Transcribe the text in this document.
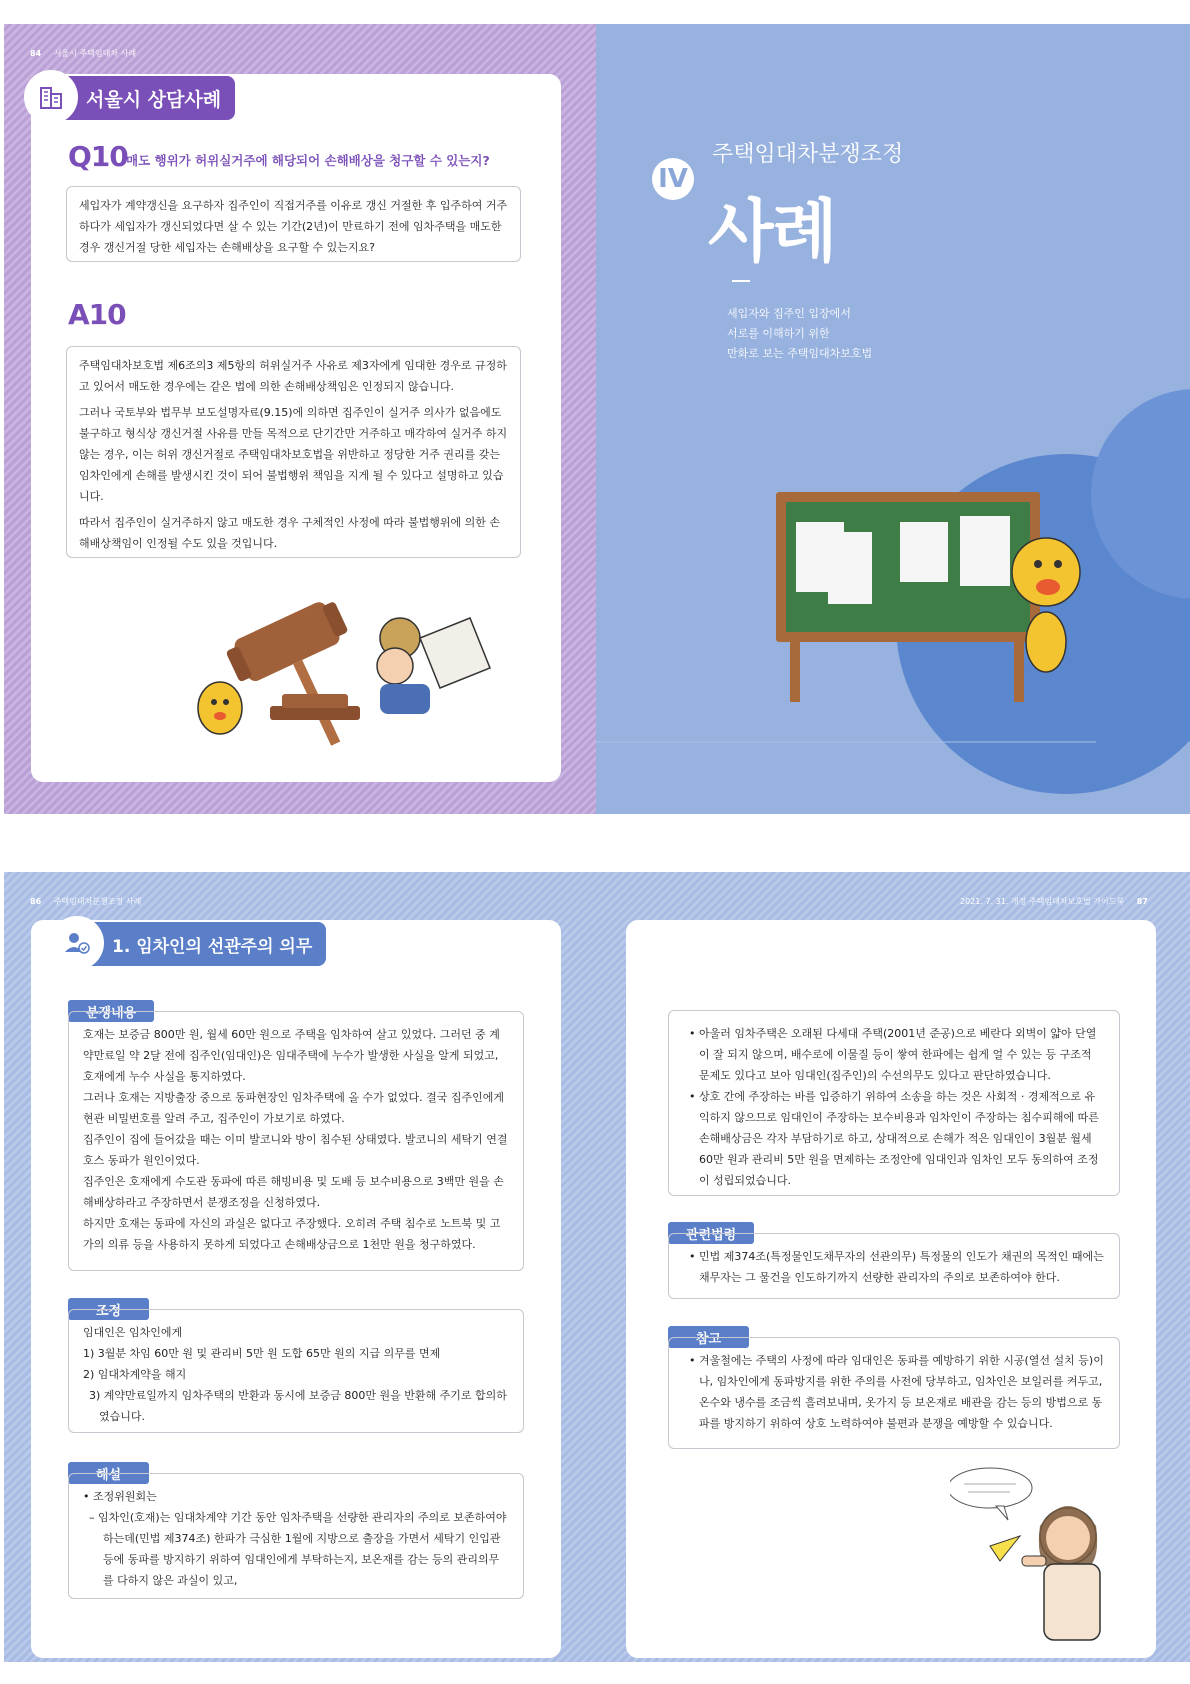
84 서울시 주택임대차 사례
서울시 상담사례
Q10
매도 행위가 허위실거주에 해당되어 손해배상을 청구할 수 있는지?

세입자가 계약갱신을 요구하자 집주인이 직접거주를 이유로 갱신 거절한 후 입주하여 거주하다가 세입자가 갱신되었다면 살 수 있는 기간(2년)이 만료하기 전에 임차주택을 매도한 경우 갱신거절 당한 세입자는 손해배상을 요구할 수 있는지요?

A10

주택임대차보호법 제6조의3 제5항의 허위실거주 사유로 제3자에게 임대한 경우로 규정하고 있어서 매도한 경우에는 같은 법에 의한 손해배상책임은 인정되지 않습니다.

그러나 국토부와 법무부 보도설명자료(9.15)에 의하면 집주인이 실거주 의사가 없음에도 불구하고 형식상 갱신거절 사유를 만들 목적으로 단기간만 거주하고 매각하여 실거주 하지 않는 경우, 이는 허위 갱신거절로 주택임대차보호법을 위반하고 정당한 거주 권리를 갖는 임차인에게 손해를 발생시킨 것이 되어 불법행위 책임을 지게 될 수 있다고 설명하고 있습니다.

따라서 집주인이 실거주하지 않고 매도한 경우 구체적인 사정에 따라 불법행위에 의한 손해배상책임이 인정될 수도 있을 것입니다.

IV
주택임대차분쟁조정
사례
세입자와 집주인 입장에서
서로를 이해하기 위한
만화로 보는 주택임대차보호법
86 주택임대차분쟁조정 사례	2021. 7. 31. 개정 주택임대차보호법 가이드북 87
1. 임차인의 선관주의 의무
분쟁내용

호재는 보증금 800만 원, 월세 60만 원으로 주택을 임차하여 살고 있었다. 그러던 중 계약만료일 약 2달 전에 집주인(임대인)은 임대주택에 누수가 발생한 사실을 알게 되었고, 호재에게 누수 사실을 통지하였다.

그러나 호재는 지방출장 중으로 동파현장인 임차주택에 올 수가 없었다. 결국 집주인에게 현관 비밀번호를 알려 주고, 집주인이 가보기로 하였다.

집주인이 집에 들어갔을 때는 이미 발코니와 방이 침수된 상태였다. 발코니의 세탁기 연결호스 동파가 원인이었다.

집주인은 호재에게 수도관 동파에 따른 해빙비용 및 도배 등 보수비용으로 3백만 원을 손해배상하라고 주장하면서 분쟁조정을 신청하였다.

하지만 호재는 동파에 자신의 과실은 없다고 주장했다. 오히려 주택 침수로 노트북 및 고가의 의류 등을 사용하지 못하게 되었다고 손해배상금으로 1천만 원을 청구하였다.

조정

임대인은 임차인에게

1) 3월분 차임 60만 원 및 관리비 5만 원 도합 65만 원의 지급 의무를 면제

2) 임대차계약을 해지

3) 계약만료일까지 임차주택의 반환과 동시에 보증금 800만 원을 반환해 주기로 합의하였습니다.

해설

• 조정위원회는

– 임차인(호재)는 임대차계약 기간 동안 임차주택을 선량한 관리자의 주의로 보존하여야 하는데(민법 제374조) 한파가 극심한 1월에 지방으로 출장을 가면서 세탁기 인입관 등에 동파를 방지하기 위하여 임대인에게 부탁하는지, 보온재를 감는 등의 관리의무를 다하지 않은 과실이 있고,

• 아울러 임차주택은 오래된 다세대 주택(2001년 준공)으로 베란다 외벽이 얇아 단열이 잘 되지 않으며, 배수로에 이물질 등이 쌓여 한파에는 쉽게 얼 수 있는 등 구조적 문제도 있다고 보아 임대인(집주인)의 수선의무도 있다고 판단하였습니다.

• 상호 간에 주장하는 바를 입증하기 위하여 소송을 하는 것은 사회적 · 경제적으로 유익하지 않으므로 임대인이 주장하는 보수비용과 임차인이 주장하는 침수피해에 따른 손해배상금은 각자 부담하기로 하고, 상대적으로 손해가 적은 임대인이 3월분 월세 60만 원과 관리비 5만 원을 면제하는 조정안에 임대인과 임차인 모두 동의하여 조정이 성립되었습니다.

관련법령

• 민법 제374조(특정물인도채무자의 선관의무) 특정물의 인도가 채권의 목적인 때에는 채무자는 그 물건을 인도하기까지 선량한 관리자의 주의로 보존하여야 한다.

참고

• 겨울철에는 주택의 사정에 따라 임대인은 동파를 예방하기 위한 시공(열선 설치 등)이나, 임차인에게 동파방지를 위한 주의를 사전에 당부하고, 임차인은 보일러를 켜두고, 온수와 냉수를 조금씩 흘려보내며, 옷가지 등 보온재로 배관을 감는 등의 방법으로 동파를 방지하기 위하여 상호 노력하여야 불편과 분쟁을 예방할 수 있습니다.
